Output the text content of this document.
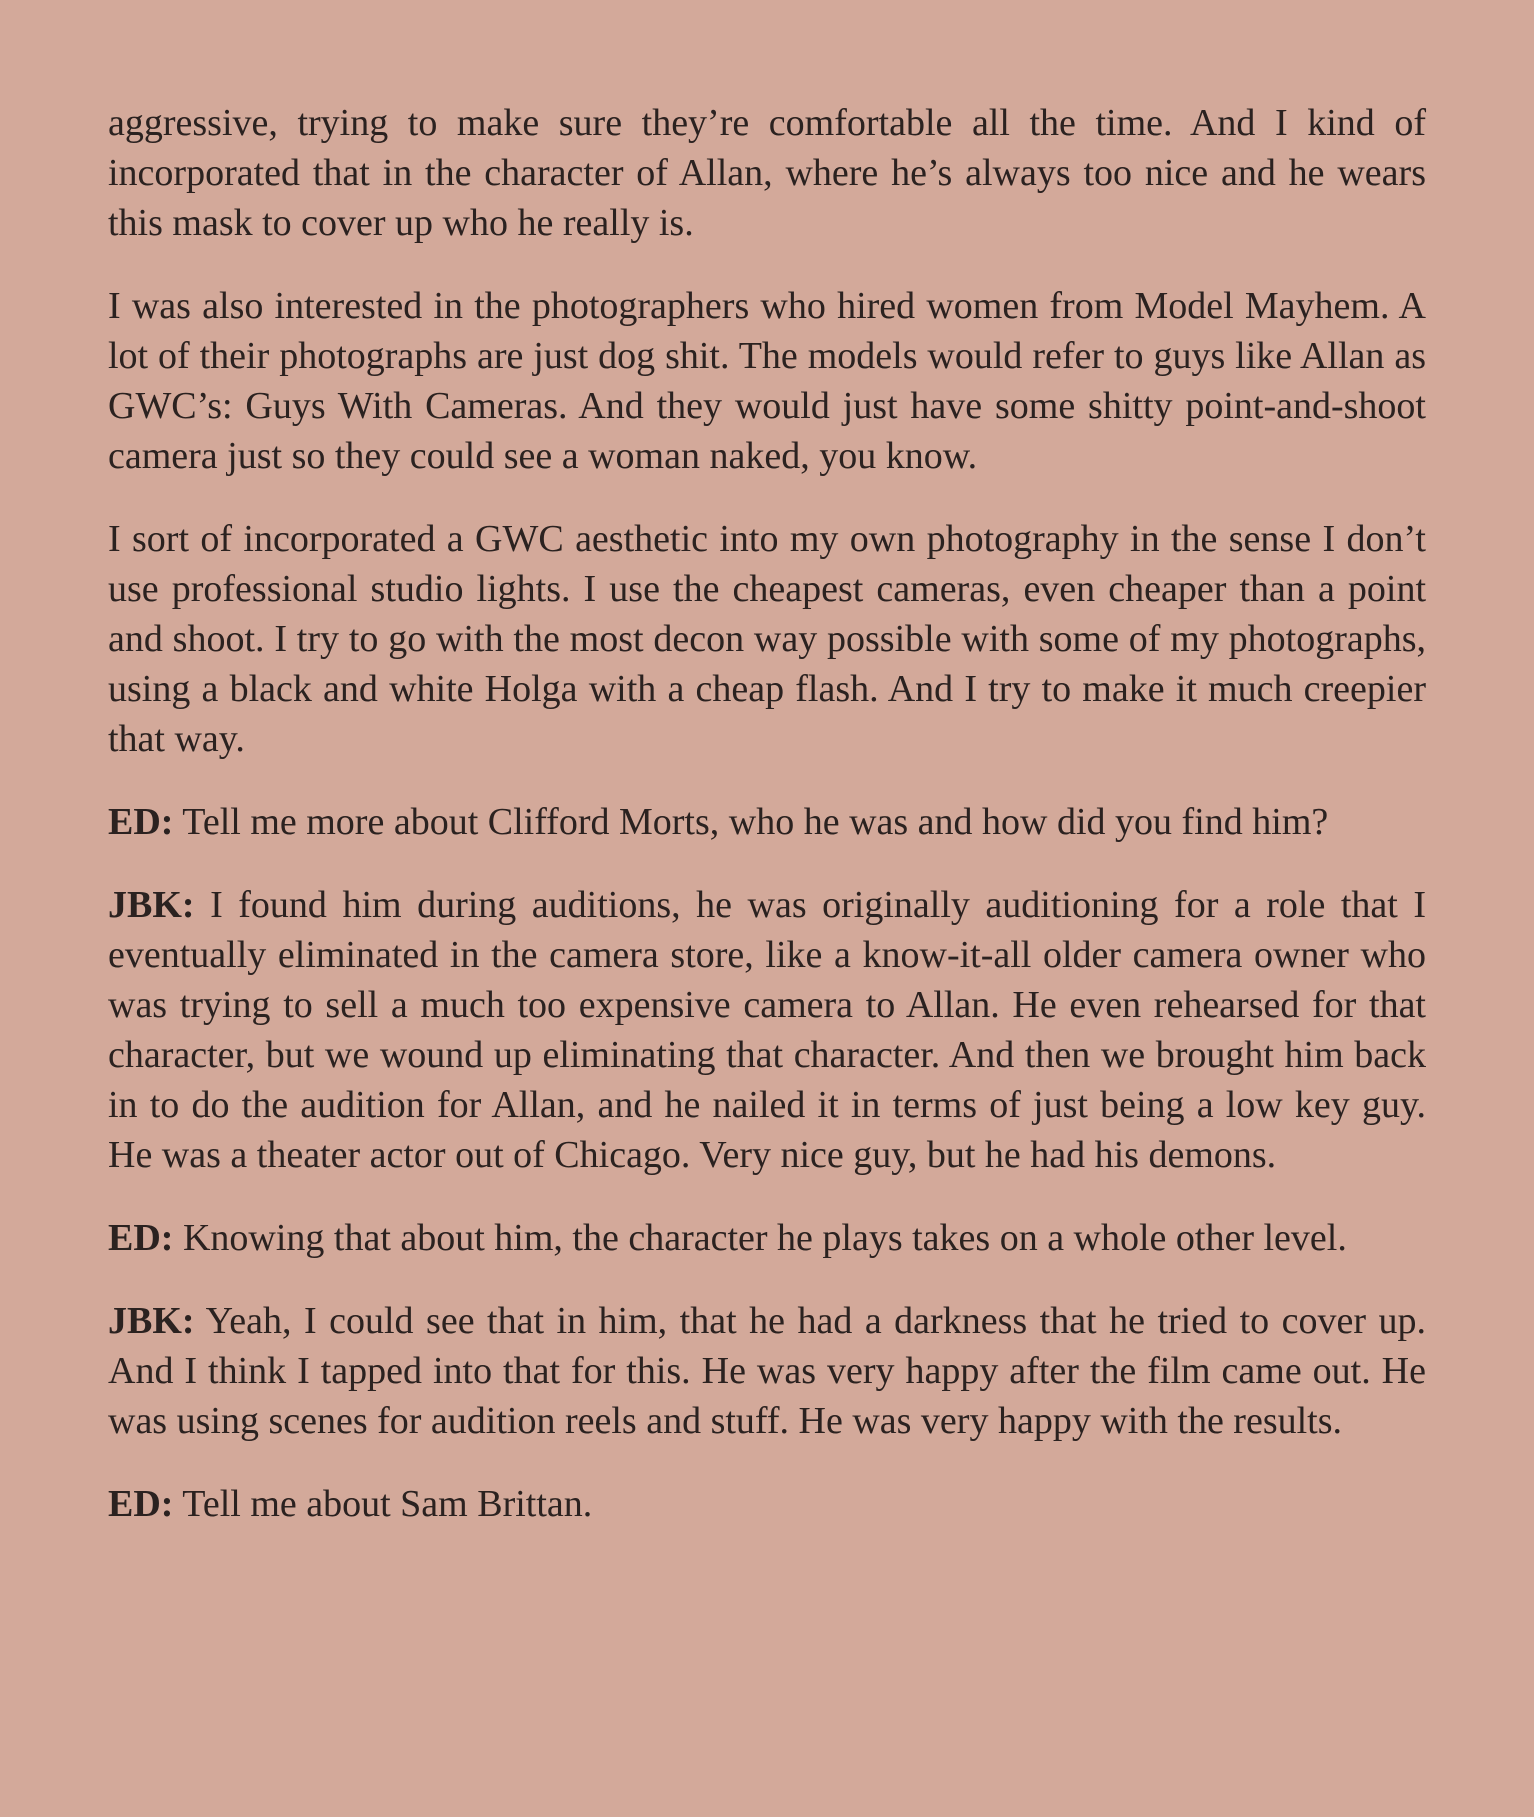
aggressive, trying to make sure they’re comfortable all the time. And I kind of incorporated that in the character of Allan, where he’s always too nice and he wears this mask to cover up who he really is.

I was also interested in the photographers who hired women from Model Mayhem. A lot of their photographs are just dog shit. The models would refer to guys like Allan as GWC’s: Guys With Cameras. And they would just have some shitty point-and-shoot camera just so they could see a woman naked, you know.

I sort of incorporated a GWC aesthetic into my own photography in the sense I don’t use professional studio lights. I use the cheapest cameras, even cheaper than a point and shoot. I try to go with the most decon way possible with some of my photographs, using a black and white Holga with a cheap flash. And I try to make it much creepier that way.

ED: Tell me more about Clifford Morts, who he was and how did you find him?

JBK: I found him during auditions, he was originally auditioning for a role that I eventually eliminated in the camera store, like a know-it-all older camera owner who was trying to sell a much too expensive camera to Allan. He even rehearsed for that character, but we wound up eliminating that character. And then we brought him back in to do the audition for Allan, and he nailed it in terms of just being a low key guy. He was a theater actor out of Chicago. Very nice guy, but he had his demons.

ED: Knowing that about him, the character he plays takes on a whole other level.

JBK: Yeah, I could see that in him, that he had a darkness that he tried to cover up. And I think I tapped into that for this. He was very happy after the film came out. He was using scenes for audition reels and stuff. He was very happy with the results.

ED: Tell me about Sam Brittan.
